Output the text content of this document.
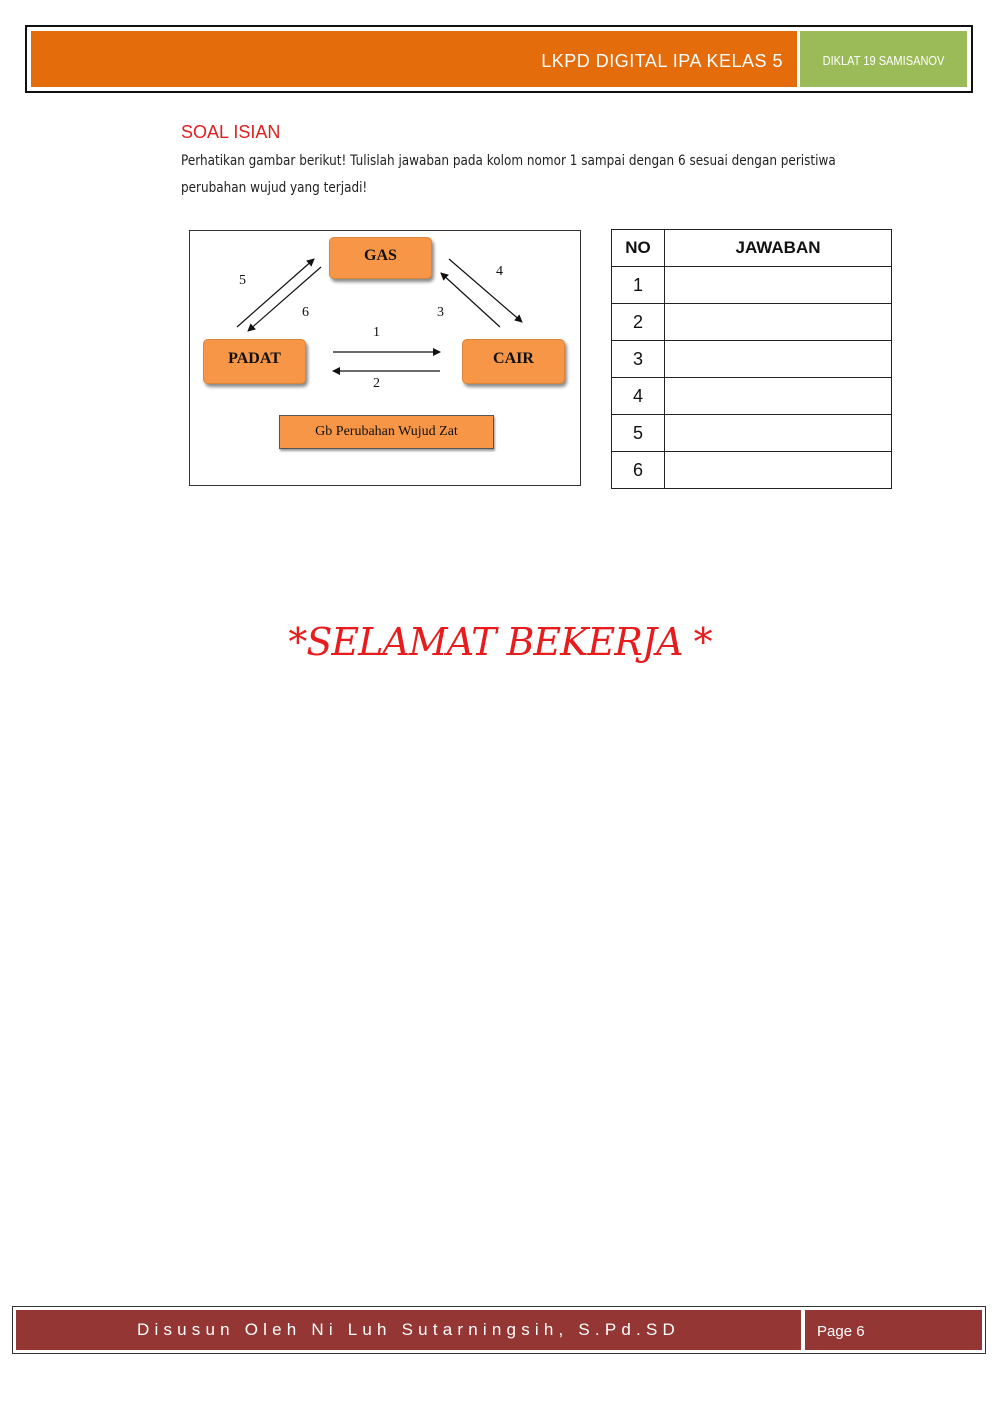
LKPD DIGITAL IPA KELAS 5	DIKLAT 19 SAMISANOV
SOAL ISIAN
Perhatikan gambar berikut! Tulislah jawaban pada kolom nomor 1 sampai dengan 6 sesuai dengan peristiwa
perubahan wujud yang terjadi!
GAS
PADAT	CAIR
1
2
3
4
5
6
Gb Perubahan Wujud Zat
NO	JAWABAN
1	
2	
3	
4	
5	
6	
*SELAMAT BEKERJA *
Disusun Oleh Ni Luh Sutarningsih, S.Pd.SD	Page 6
